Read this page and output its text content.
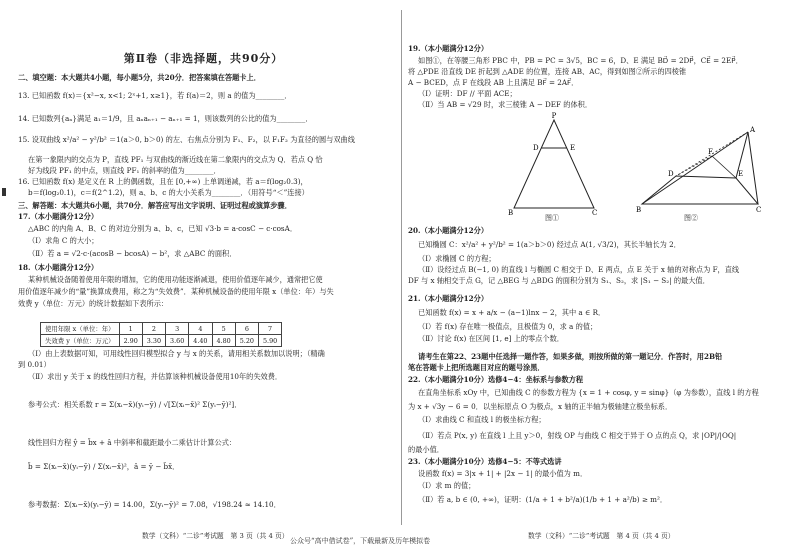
第Ⅱ卷（非选择题，共90分）
二、填空题：本大题共4小题，每小题5分，共20分．把答案填在答题卡上．
13. 已知函数 f(x)＝{x²−x, x<1; 2ˣ+1, x≥1}，若 f(a)＝2，则 a 的值为________．
14. 已知数列{aₙ}满足 a₁＝1/9，且 aₙaₙ₊₁ − aₙ₊₁ = 1，则该数列的公比的值为________．
15. 设双曲线 x²/a² − y²/b² ＝1(a＞0, b＞0) 的左、右焦点分别为 F₁、F₂，以 F₁F₂ 为直径的圆与双曲线
在第一象限内的交点为 P，直线 PF₁ 与双曲线的渐近线在第二象限内的交点为 Q．若点 Q 恰
好为线段 PF₁ 的中点，则直线 PF₁ 的斜率的值为________．
16. 已知函数 f(x) 是定义在 R 上的偶函数，且在 [0,+∞) 上单调递减，若 a＝f(log₂0.3)，
b＝f(log₂0.1)，c＝f(2^1.2)，则 a、b、c 的大小关系为________．（用符号“＜”连接）
三、解答题：本大题共6小题，共70分．解答应写出文字说明、证明过程或演算步骤．
17.（本小题满分12分）
△ABC 的内角 A、B、C 的对边分别为 a、b、c，已知 √3·b = a·cosC − c·cosA．
（Ⅰ）求角 C 的大小；
（Ⅱ）若 a = √2·c·(acosB − bcosA) − b²，求 △ABC 的面积．
18.（本小题满分12分）
某种机械设备随着使用年限的增加，它的使用功能逐渐减退，使用价值逐年减少，通常把它使
用价值逐年减少的“量”换算成费用，称之为“失效费”．某种机械设备的使用年限 x（单位：年）与失
效费 y（单位：万元）的统计数据如下表所示：
使用年限 x（单位：年）	1	2	3	4	5	6	7
失效费 y（单位：万元）	2.90	3.30	3.60	4.40	4.80	5.20	5.90
（Ⅰ）由上表数据可知，可用线性回归模型拟合 y 与 x 的关系，请用相关系数加以说明；（精确
到 0.01）
（Ⅱ）求出 y 关于 x 的线性回归方程，并估算该种机械设备使用10年的失效费．
参考公式：相关系数 r = Σ(xᵢ−x̄)(yᵢ−ȳ) / √[Σ(xᵢ−x̄)² Σ(yᵢ−ȳ)²]．
线性回归方程 ŷ = b̂x + â 中斜率和截距最小二乘估计计算公式：
b̂ = Σ(xᵢ−x̄)(yᵢ−ȳ) / Σ(xᵢ−x̄)²，â = ȳ − b̂x̄．
参考数据：Σ(xᵢ−x̄)(yᵢ−ȳ) = 14.00，Σ(yᵢ−ȳ)² = 7.08，√198.24 ≈ 14.10．
数学（文科）“二诊”考试题　第 3 页（共 4 页）
19.（本小题满分12分）
如图①，在等腰三角形 PBC 中，PB = PC = 3√5，BC = 6，D、E 满足 BD⃗ = 2DP⃗，CE⃗ = 2EP⃗．
将 △PDE 沿直线 DE 折起到 △ADE 的位置，连接 AB、AC，得到如图②所示的四棱锥
A − BCED，点 F 在线段 AB 上且满足 BF⃗ = 2AF⃗．
（Ⅰ）证明：DF // 平面 ACE；
（Ⅱ）当 AB = √29 时，求三棱锥 A − DEF 的体积．
P
D	E
B	C
图①
A
F
D	E
B	C
图②
20.（本小题满分12分）
已知椭圆 C：x²/a² + y²/b² = 1(a＞b＞0) 经过点 A(1, √3/2)，其长半轴长为 2．
（Ⅰ）求椭圆 C 的方程；
（Ⅱ）设经过点 B(−1, 0) 的直线 l 与椭圆 C 相交于 D、E 两点，点 E 关于 x 轴的对称点为 F，直线
DF 与 x 轴相交于点 G，记 △BEG 与 △BDG 的面积分别为 S₁、S₂，求 |S₁ − S₂| 的最大值．
21.（本小题满分12分）
已知函数 f(x) = x + a/x − (a−1)lnx − 2，其中 a ∈ R．
（Ⅰ）若 f(x) 存在唯一极值点，且极值为 0，求 a 的值；
（Ⅱ）讨论 f(x) 在区间 [1, e] 上的零点个数．
请考生在第22、23题中任选择一题作答，如果多做，则按所做的第一题记分．作答时，用2B铅
笔在答题卡上把所选题目对应的题号涂黑．
22.（本小题满分10分）选修4−4：坐标系与参数方程
在直角坐标系 xOy 中，已知曲线 C 的参数方程为 {x = 1 + cosφ, y = sinφ}（φ 为参数），直线 l 的方程
为 x + √3y − 6 = 0．以坐标原点 O 为极点，x 轴的正半轴为极轴建立极坐标系．
（Ⅰ）求曲线 C 和直线 l 的极坐标方程；
（Ⅱ）若点 P(x, y) 在直线 l 上且 y＞0，射线 OP 与曲线 C 相交于异于 O 点的点 Q，求 |OP|/|OQ|
的最小值．
23.（本小题满分10分）选修4−5：不等式选讲
设函数 f(x) = 3|x + 1| + |2x − 1| 的最小值为 m．
（Ⅰ）求 m 的值；
（Ⅱ）若 a, b ∈ (0, +∞)，证明：(1/a + 1 + b²/a)(1/b + 1 + a²/b) ≥ m²．
数学（文科）“二诊”考试题　第 4 页（共 4 页）
公众号“高中借试卷”，下载最新及历年模拟卷
